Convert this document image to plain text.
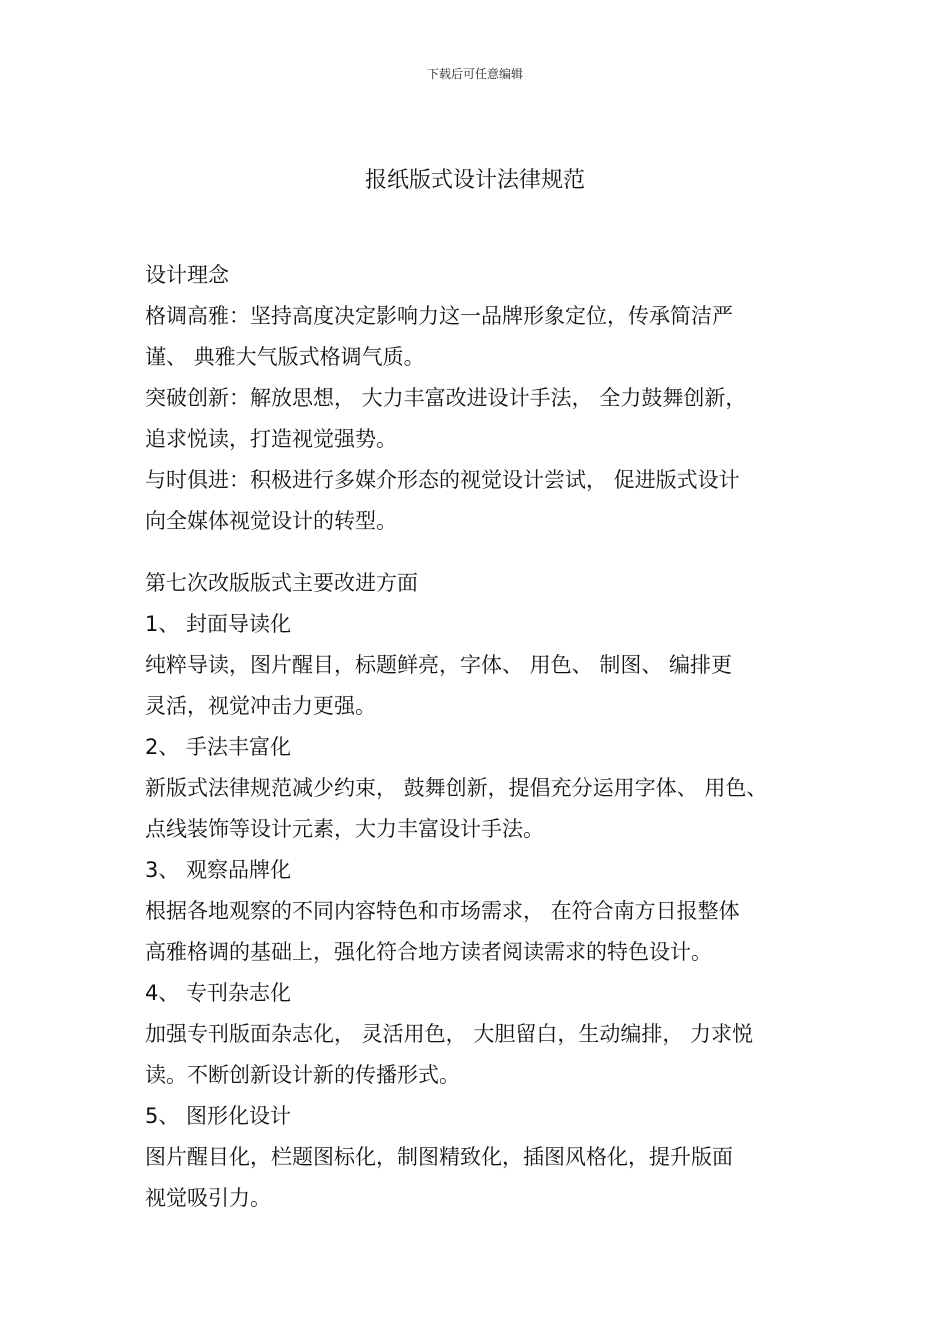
下载后可任意编辑
报纸版式设计法律规范
设计理念
格调高雅：坚持高度决定影响力这一品牌形象定位，传承简洁严
谨、 典雅大气版式格调气质。
突破创新：解放思想， 大力丰富改进设计手法， 全力鼓舞创新，
追求悦读，打造视觉强势。
与时俱进：积极进行多媒介形态的视觉设计尝试， 促进版式设计
向全媒体视觉设计的转型。
第七次改版版式主要改进方面
1、 封面导读化
纯粹导读，图片醒目，标题鲜亮，字体、 用色、 制图、 编排更
灵活，视觉冲击力更强。
2、 手法丰富化
新版式法律规范减少约束， 鼓舞创新，提倡充分运用字体、 用色、
点线装饰等设计元素，大力丰富设计手法。
3、 观察品牌化
根据各地观察的不同内容特色和市场需求， 在符合南方日报整体
高雅格调的基础上，强化符合地方读者阅读需求的特色设计。
4、 专刊杂志化
加强专刊版面杂志化， 灵活用色， 大胆留白，生动编排， 力求悦
读。不断创新设计新的传播形式。
5、 图形化设计
图片醒目化，栏题图标化，制图精致化，插图风格化，提升版面
视觉吸引力。
